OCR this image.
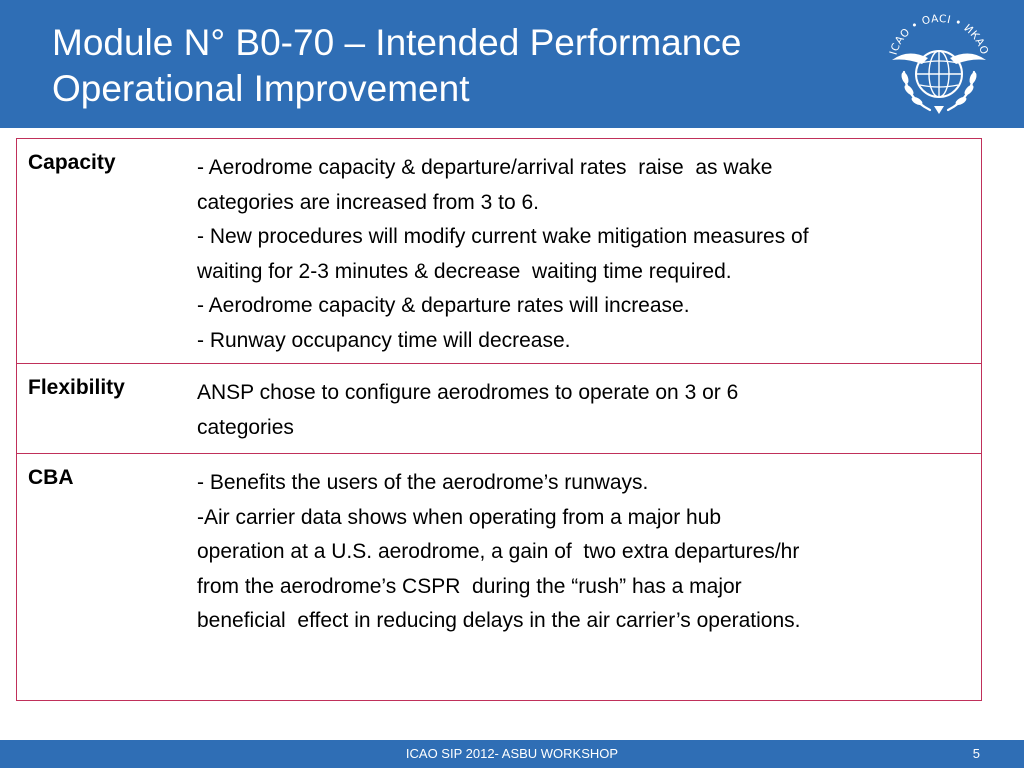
Module N° B0-70 – Intended Performance
Operational Improvement
ICAO • OACI • ИКАО
Capacity	- Aerodrome capacity & departure/arrival rates  raise  as wake
categories are increased from 3 to 6.
- New procedures will modify current wake mitigation measures of
waiting for 2-3 minutes & decrease  waiting time required.
- Aerodrome capacity & departure rates will increase.
- Runway occupancy time will decrease.
Flexibility	ANSP chose to configure aerodromes to operate on 3 or 6
categories
CBA	- Benefits the users of the aerodrome’s runways.
-Air carrier data shows when operating from a major hub
operation at a U.S. aerodrome, a gain of  two extra departures/hr
from the aerodrome’s CSPR  during the “rush” has a major
beneficial  effect in reducing delays in the air carrier’s operations.
ICAO SIP 2012- ASBU WORKSHOP	5
